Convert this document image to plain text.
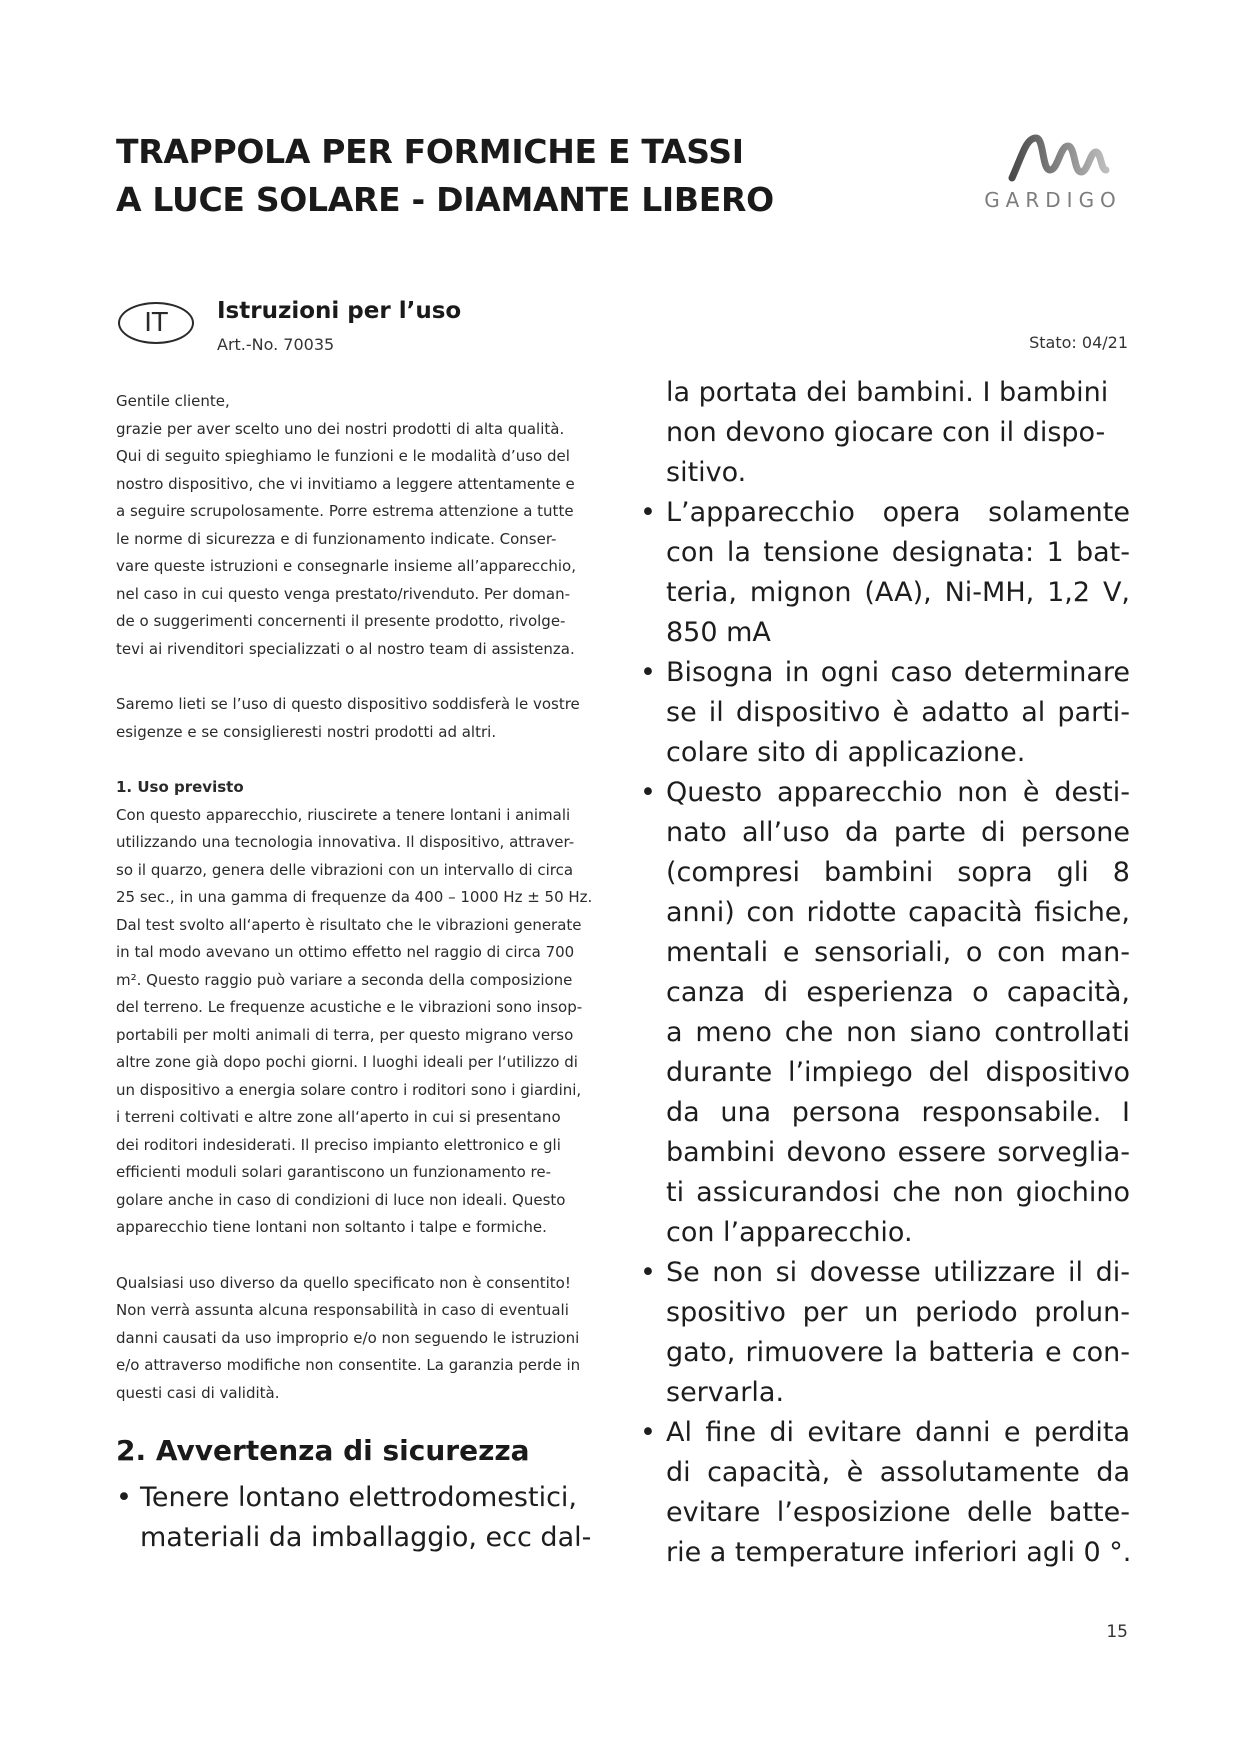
TRAPPOLA PER FORMICHE E TASSI
A LUCE SOLARE - DIAMANTE LIBERO	GARDIGO
IT	Istruzioni per l’uso
Art.-No. 70035	Stato: 04/21

Gentile cliente,

grazie per aver scelto uno dei nostri prodotti di alta qualità.

Qui di seguito spieghiamo le funzioni e le modalità d’uso del

nostro dispositivo, che vi invitiamo a leggere attentamente e

a seguire scrupolosamente. Porre estrema attenzione a tutte

le norme di sicurezza e di funzionamento indicate. Conser-

vare queste istruzioni e consegnarle insieme all’apparecchio,

nel caso in cui questo venga prestato/rivenduto. Per doman-

de o suggerimenti concernenti il presente prodotto, rivolge-

tevi ai rivenditori specializzati o al nostro team di assistenza.

Saremo lieti se l’uso di questo dispositivo soddisferà le vostre

esigenze e se consiglieresti nostri prodotti ad altri.

1. Uso previsto

Con questo apparecchio, riuscirete a tenere lontani i animali

utilizzando una tecnologia innovativa. Il dispositivo, attraver-

so il quarzo, genera delle vibrazioni con un intervallo di circa

25 sec., in una gamma di frequenze da 400 – 1000 Hz ± 50 Hz.

Dal test svolto all‘aperto è risultato che le vibrazioni generate

in tal modo avevano un ottimo effetto nel raggio di circa 700

m². Questo raggio può variare a seconda della composizione

del terreno. Le frequenze acustiche e le vibrazioni sono insop-

portabili per molti animali di terra, per questo migrano verso

altre zone già dopo pochi giorni. I luoghi ideali per l‘utilizzo di

un dispositivo a energia solare contro i roditori sono i giardini,

i terreni coltivati e altre zone all‘aperto in cui si presentano

dei roditori indesiderati. Il preciso impianto elettronico e gli

efficienti moduli solari garantiscono un funzionamento re-

golare anche in caso di condizioni di luce non ideali. Questo

apparecchio tiene lontani non soltanto i talpe e formiche.

Qualsiasi uso diverso da quello specificato non è consentito!

Non verrà assunta alcuna responsabilità in caso di eventuali

danni causati da uso improprio e/o non seguendo le istruzioni

e/o attraverso modifiche non consentite. La garanzia perde in

questi casi di validità.

2. Avvertenza di sicurezza
• Tenere lontano elettrodomestici,
materiali da imballaggio, ecc dal-
la portata dei bambini. I bambini
non devono giocare con il dispo-
sitivo.
• L’apparecchio opera solamente
con la tensione designata: 1 bat-
teria, mignon (AA), Ni-MH, 1,2 V,
850 mA
• Bisogna in ogni caso determinare
se il dispositivo è adatto al parti-
colare sito di applicazione.
• Questo apparecchio non è desti-
nato all’uso da parte di persone
(compresi bambini sopra gli 8
anni) con ridotte capacità fisiche,
mentali e sensoriali, o con man-
canza di esperienza o capacità,
a meno che non siano controllati
durante l’impiego del dispositivo
da una persona responsabile. I
bambini devono essere sorveglia-
ti assicurandosi che non giochino
con l’apparecchio.
• Se non si dovesse utilizzare il di-
spositivo per un periodo prolun-
gato, rimuovere la batteria e con-
servarla.
• Al fine di evitare danni e perdita
di capacità, è assolutamente da
evitare l’esposizione delle batte-
rie a temperature inferiori agli 0 °.
15
